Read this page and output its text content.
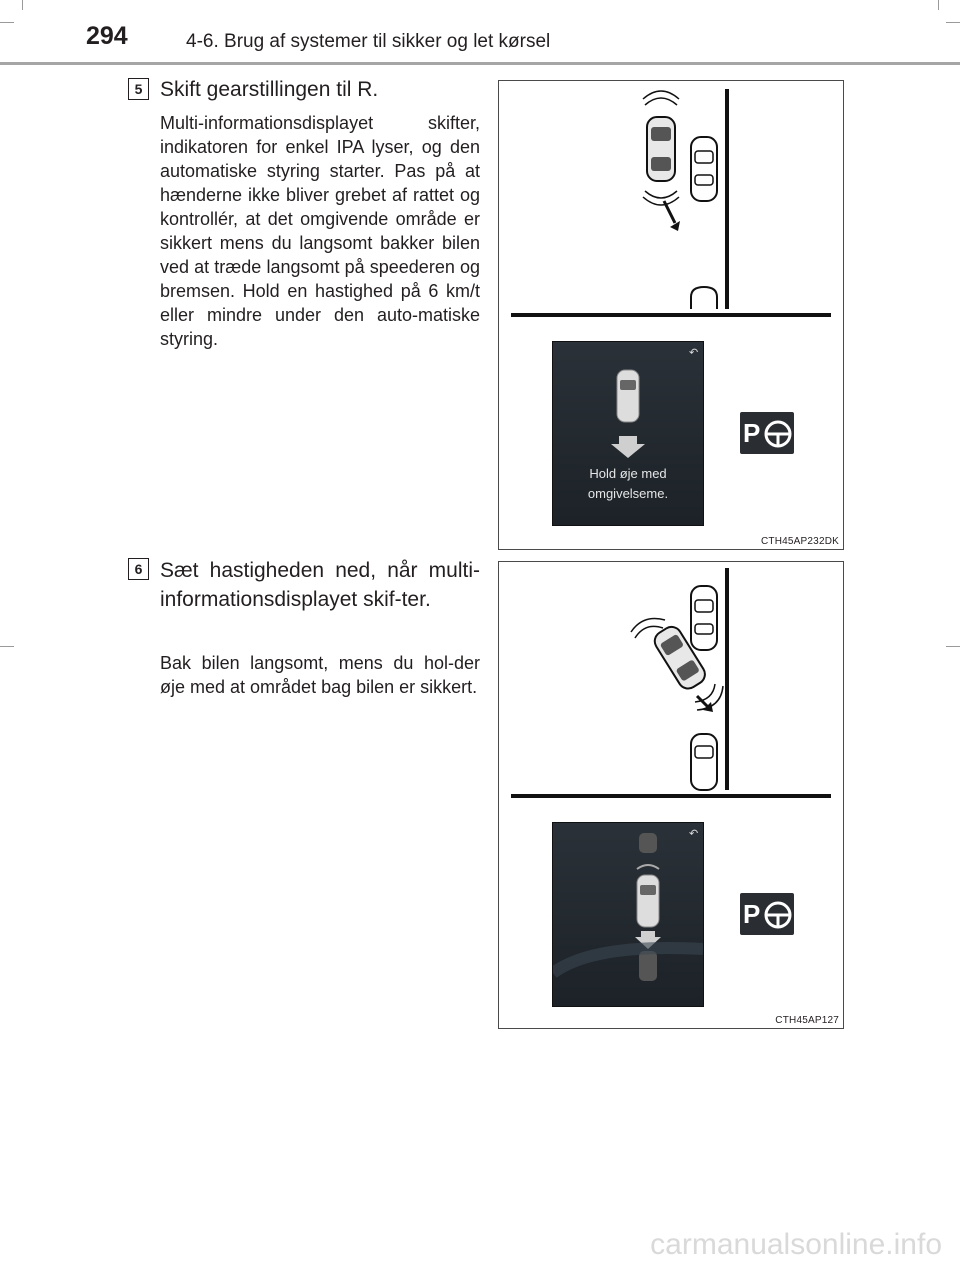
294	4-6. Brug af systemer til sikker og let kørsel
5 Skift gearstillingen til R.
Multi-informationsdisplayet skifter, indikatoren for enkel IPA lyser, og den automatiske styring starter. Pas på at hænderne ikke bliver grebet af rattet og kontrollér, at det omgivende område er sikkert mens du langsomt bakker bilen ved at træde langsomt på speederen og bremsen. Hold en hastighed på 6 km/t eller mindre under den auto-matiske styring.
↶
Hold øje med
omgivelseme.
P
CTH45AP232DK
6 Sæt hastigheden ned, når multi-informationsdisplayet skif-ter.
Bak bilen langsomt, mens du hol-der øje med at området bag bilen er sikkert.
↶
P
CTH45AP127
carmanualsonline.info
